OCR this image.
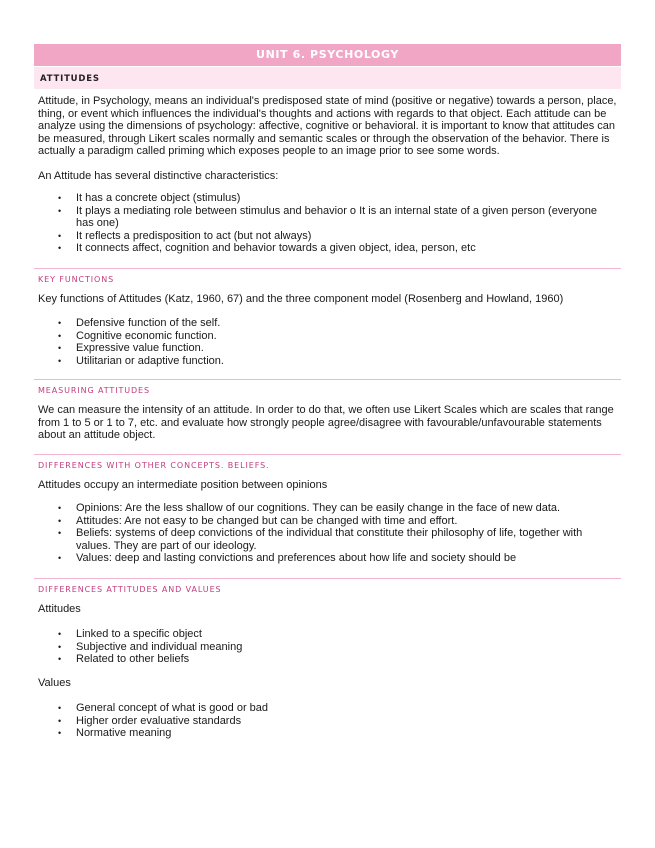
UNIT 6. PSYCHOLOGY
ATTITUDES

Attitude, in Psychology, means an individual's predisposed state of mind (positive or negative) towards a person, place, thing, or event which influences the individual's thoughts and actions with regards to that object. Each attitude can be analyze using the dimensions of psychology: affective, cognitive or behavioral. it is important to know that attitudes can be measured, through Likert scales normally and semantic scales or through the observation of the behavior. There is actually a paradigm called priming which exposes people to an image prior to see some words.

An Attitude has several distinctive characteristics:

• It has a concrete object (stimulus)
• It plays a mediating role between stimulus and behavior o It is an internal state of a given person (everyone has one)
• It reflects a predisposition to act (but not always)
• It connects affect, cognition and behavior towards a given object, idea, person, etc
KEY FUNCTIONS

Key functions of Attitudes (Katz, 1960, 67) and the three component model (Rosenberg and Howland, 1960)

• Defensive function of the self.
• Cognitive economic function.
• Expressive value function.
• Utilitarian or adaptive function.
MEASURING ATTITUDES

We can measure the intensity of an attitude. In order to do that, we often use Likert Scales which are scales that range from 1 to 5 or 1 to 7, etc. and evaluate how strongly people agree/disagree with favourable/unfavourable statements about an attitude object.

DIFFERENCES WITH OTHER CONCEPTS. BELIEFS.

Attitudes occupy an intermediate position between opinions

• Opinions: Are the less shallow of our cognitions. They can be easily change in the face of new data.
• Attitudes: Are not easy to be changed but can be changed with time and effort.
• Beliefs: systems of deep convictions of the individual that constitute their philosophy of life, together with values. They are part of our ideology.
• Values: deep and lasting convictions and preferences about how life and society should be
DIFFERENCES ATTITUDES AND VALUES

Attitudes

• Linked to a specific object
• Subjective and individual meaning
• Related to other beliefs

Values

• General concept of what is good or bad
• Higher order evaluative standards
• Normative meaning
